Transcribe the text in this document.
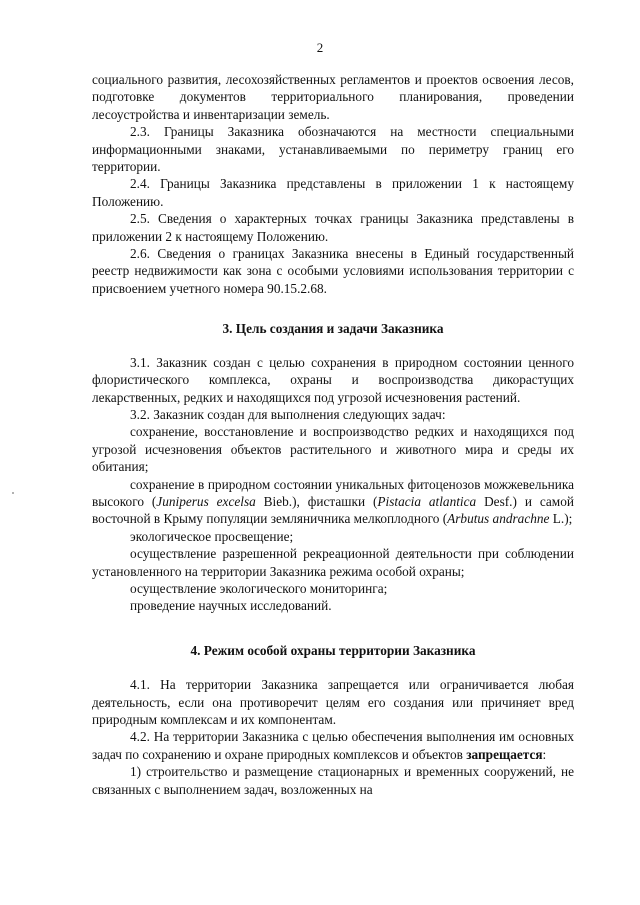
2

социального развития, лесохозяйственных регламентов и проектов освоения лесов, подготовке документов территориального планирования, проведении лесоустройства и инвентаризации земель.

2.3. Границы Заказника обозначаются на местности специальными информационными знаками, устанавливаемыми по периметру границ его территории.

2.4. Границы Заказника представлены в приложении 1 к настоящему Положению.

2.5. Сведения о характерных точках границы Заказника представлены в приложении 2 к настоящему Положению.

2.6. Сведения о границах Заказника внесены в Единый государственный реестр недвижимости как зона с особыми условиями использования территории с присвоением учетного номера 90.15.2.68.

3. Цель создания и задачи Заказника

3.1. Заказник создан с целью сохранения в природном состоянии ценного флористического комплекса, охраны и воспроизводства дикорастущих лекарственных, редких и находящихся под угрозой исчезновения растений.

3.2. Заказник создан для выполнения следующих задач:

сохранение, восстановление и воспроизводство редких и находящихся под угрозой исчезновения объектов растительного и животного мира и среды их обитания;

сохранение в природном состоянии уникальных фитоценозов можжевельника высокого (Juniperus excelsa Bieb.), фисташки (Pistacia atlantica Desf.) и самой восточной в Крыму популяции земляничника мелкоплодного (Arbutus andrachne L.);

экологическое просвещение;

осуществление разрешенной рекреационной деятельности при соблюдении установленного на территории Заказника режима особой охраны;

осуществление экологического мониторинга;

проведение научных исследований.

4. Режим особой охраны территории Заказника

4.1. На территории Заказника запрещается или ограничивается любая деятельность, если она противоречит целям его создания или причиняет вред природным комплексам и их компонентам.

4.2. На территории Заказника с целью обеспечения выполнения им основных задач по сохранению и охране природных комплексов и объектов запрещается:

1) строительство и размещение стационарных и временных сооружений, не связанных с выполнением задач, возложенных на
